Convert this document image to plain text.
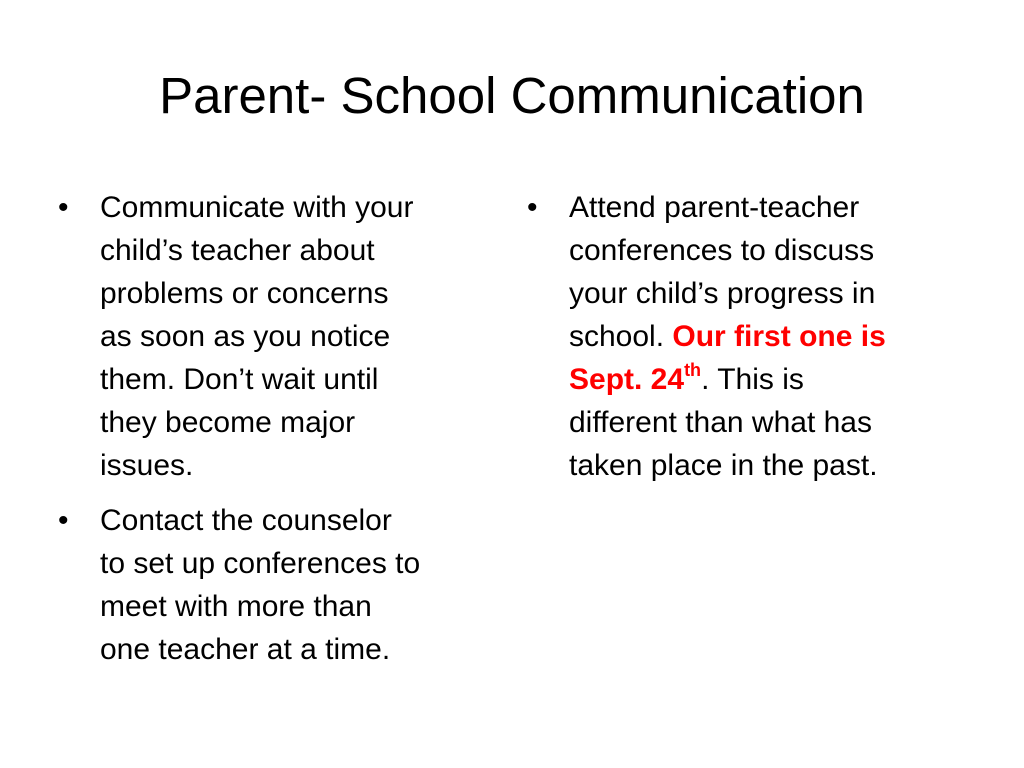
Parent- School Communication
•	Communicate with your
child’s teacher about
problems or concerns
as soon as you notice
them. Don’t wait until
they become major
issues.
•	Contact the counselor
to set up conferences to
meet with more than
one teacher at a time.
•	Attend parent-teacher
conferences to discuss
your child’s progress in
school. Our first one is
Sept. 24th. This is
different than what has
taken place in the past.
